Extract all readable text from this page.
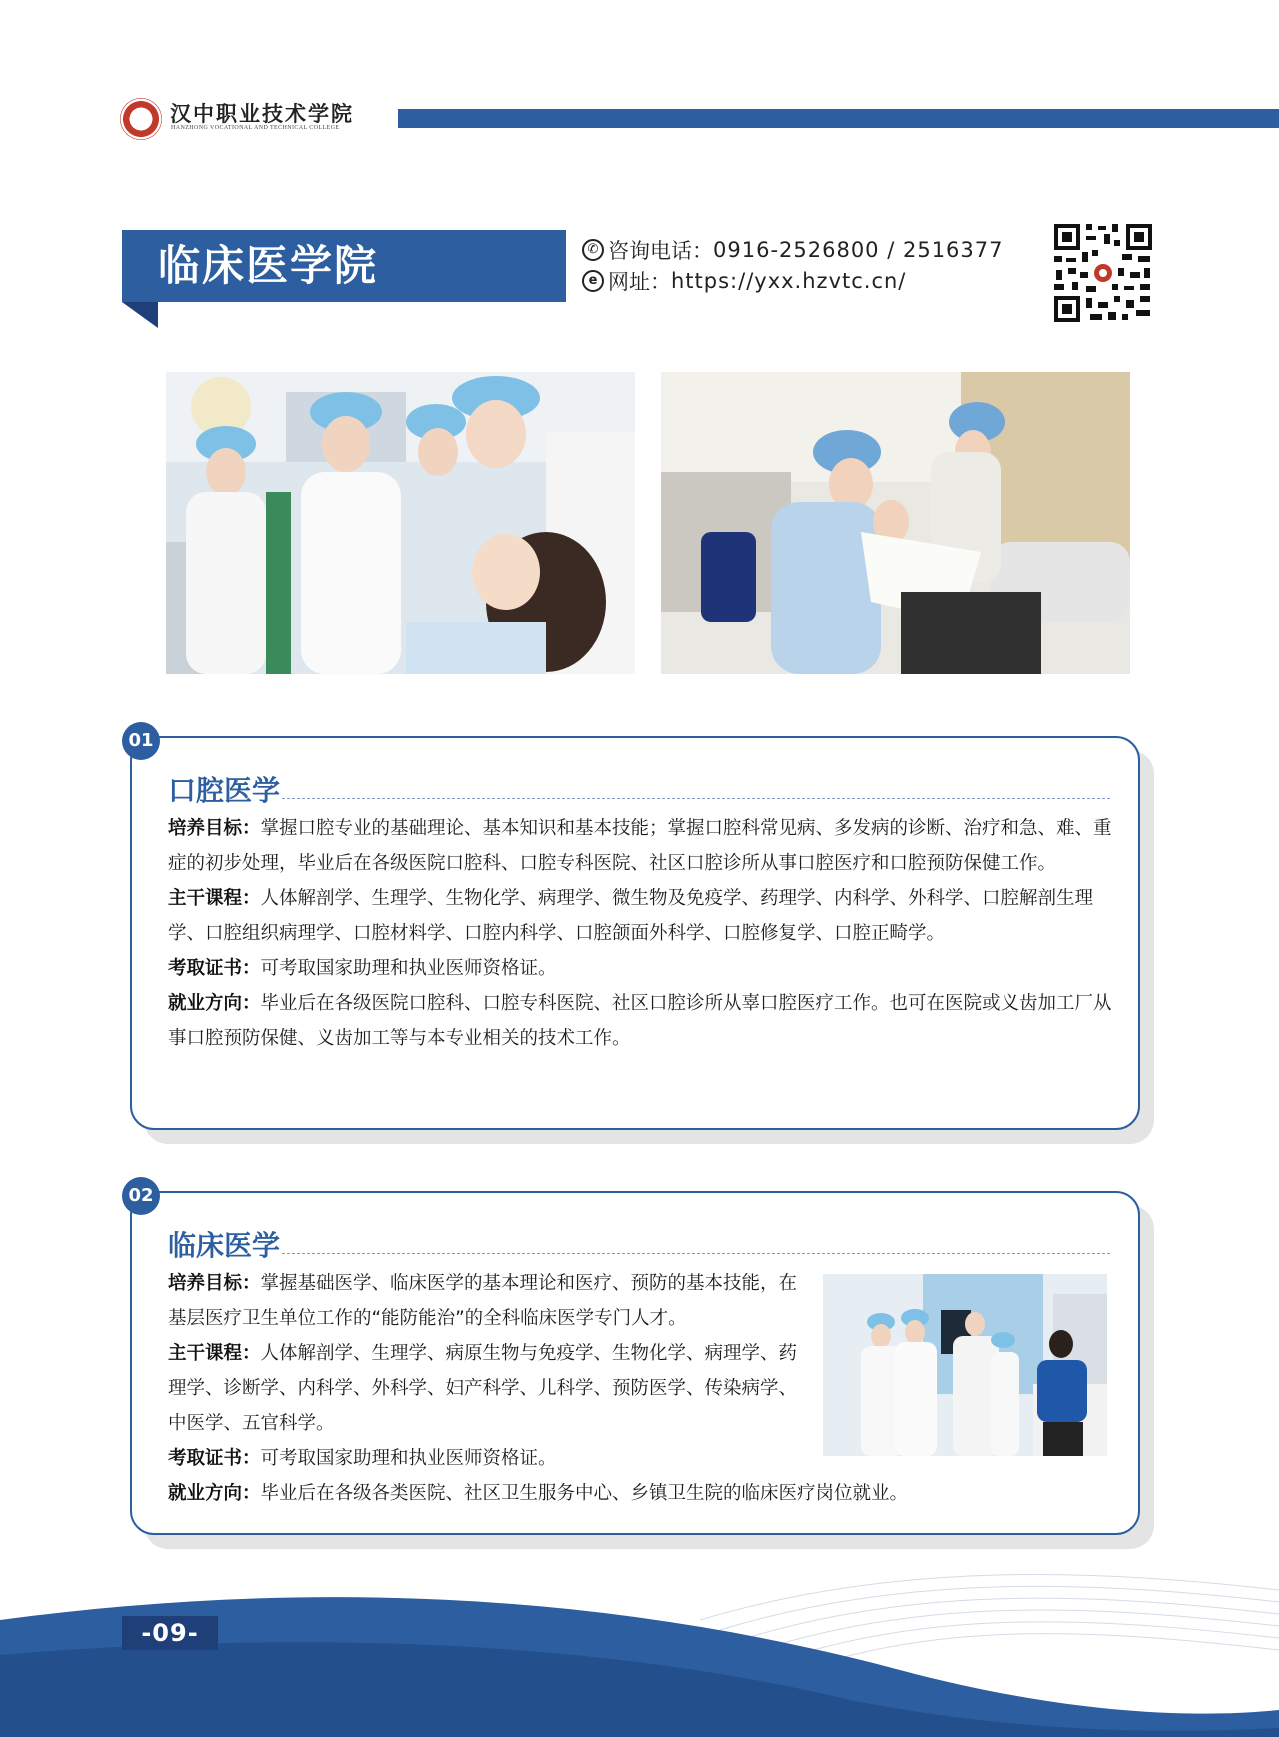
汉中职业技术学院
HANZHONG VOCATIONAL AND TECHNICAL COLLEGE
临床医学院	✆ 咨询电话： 0916-2526800 / 2516377
e 网址： https://yxx.hzvtc.cn/
01
口腔医学

培养目标：掌握口腔专业的基础理论、基本知识和基本技能；掌握口腔科常见病、多发病的诊断、治疗和急、难、重症的初步处理，毕业后在各级医院口腔科、口腔专科医院、社区口腔诊所从事口腔医疗和口腔预防保健工作。

主干课程：人体解剖学、生理学、生物化学、病理学、微生物及免疫学、药理学、内科学、外科学、口腔解剖生理学、口腔组织病理学、口腔材料学、口腔内科学、口腔颌面外科学、口腔修复学、口腔正畸学。

考取证书：可考取国家助理和执业医师资格证。

就业方向：毕业后在各级医院口腔科、口腔专科医院、社区口腔诊所从辜口腔医疗工作。也可在医院或义齿加工厂从事口腔预防保健、义齿加工等与本专业相关的技术工作。

02
临床医学

培养目标：掌握基础医学、临床医学的基本理论和医疗、预防的基本技能，在基层医疗卫生单位工作的“能防能治”的全科临床医学专门人才。

主干课程：人体解剖学、生理学、病原生物与免疫学、生物化学、病理学、药理学、诊断学、内科学、外科学、妇产科学、儿科学、预防医学、传染病学、中医学、五官科学。

考取证书：可考取国家助理和执业医师资格证。

就业方向：毕业后在各级各类医院、社区卫生服务中心、乡镇卫生院的临床医疗岗位就业。

-09-
